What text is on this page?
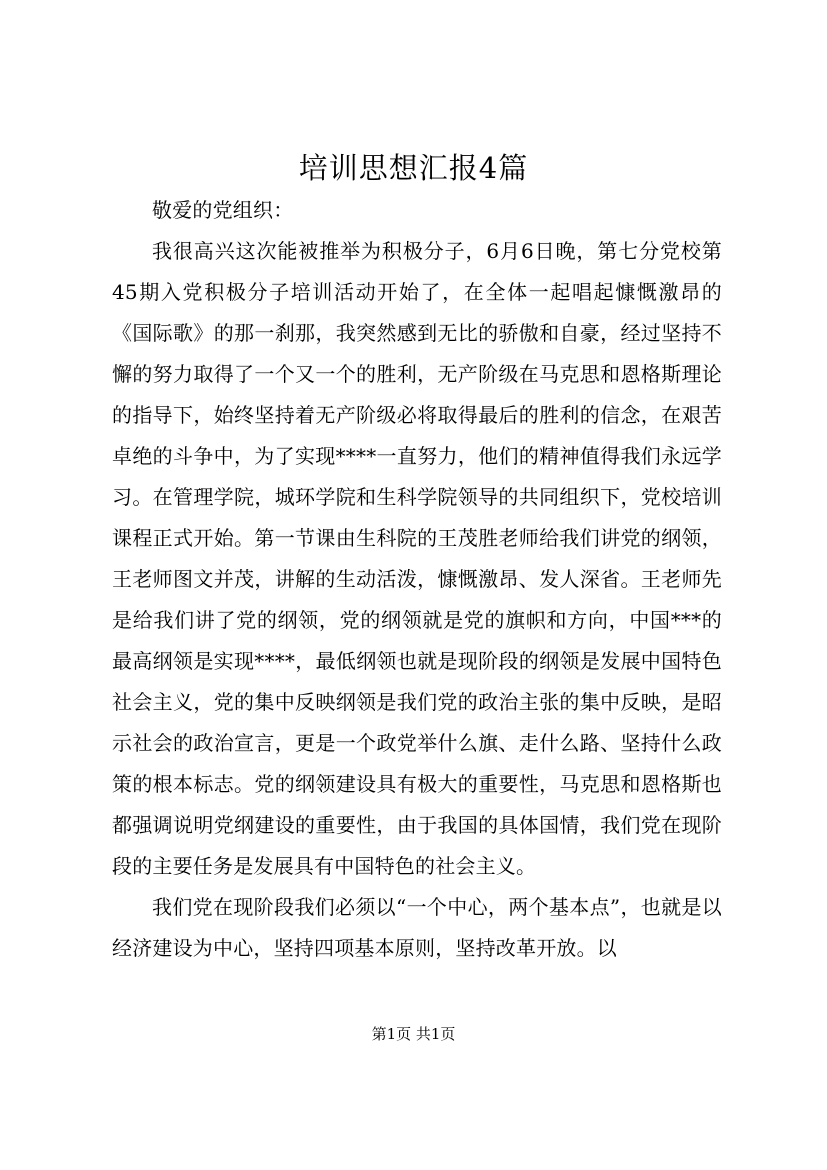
培训思想汇报4篇

敬爱的党组织：

我很高兴这次能被推举为积极分子，6月6日晚，第七分党校第45期入党积极分子培训活动开始了，在全体一起唱起慷慨激昂的《国际歌》的那一刹那，我突然感到无比的骄傲和自豪，经过坚持不懈的努力取得了一个又一个的胜利，无产阶级在马克思和恩格斯理论的指导下，始终坚持着无产阶级必将取得最后的胜利的信念，在艰苦卓绝的斗争中，为了实现****一直努力，他们的精神值得我们永远学习。在管理学院，城环学院和生科学院领导的共同组织下，党校培训课程正式开始。第一节课由生科院的王茂胜老师给我们讲党的纲领，王老师图文并茂，讲解的生动活泼，慷慨激昂、发人深省。王老师先是给我们讲了党的纲领，党的纲领就是党的旗帜和方向，中国***的最高纲领是实现****，最低纲领也就是现阶段的纲领是发展中国特色社会主义，党的集中反映纲领是我们党的政治主张的集中反映，是昭示社会的政治宣言，更是一个政党举什么旗、走什么路、坚持什么政策的根本标志。党的纲领建设具有极大的重要性，马克思和恩格斯也都强调说明党纲建设的重要性，由于我国的具体国情，我们党在现阶段的主要任务是发展具有中国特色的社会主义。

我们党在现阶段我们必须以“一个中心，两个基本点”，也就是以经济建设为中心，坚持四项基本原则，坚持改革开放。以

第1页 共1页
